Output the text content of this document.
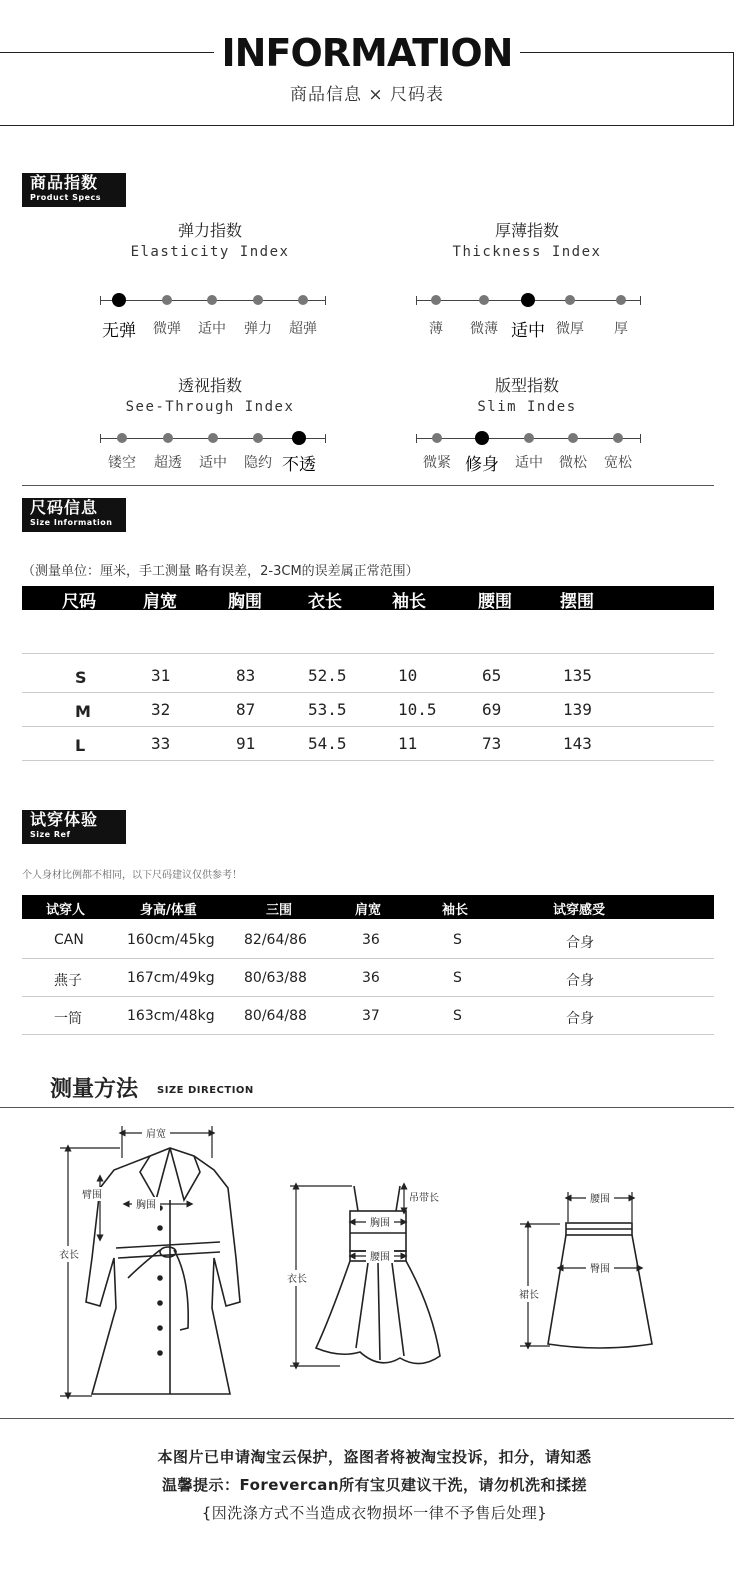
INFORMATION
商品信息 × 尺码表
商品指数
Product Specs
弹力指数
Elasticity Index
无弹	微弹	适中	弹力	超弹
厚薄指数
Thickness Index
薄	微薄 适中 微厚	厚
透视指数
See-Through Index
镂空	超透	适中	隐约 不透
版型指数
Slim Indes
微紧 修身	适中	微松	宽松
尺码信息
Size Information
（测量单位：厘米，手工测量 略有误差，2-3CM的误差属正常范围）
尺码	肩宽	胸围	衣长	袖长	腰围	摆围
S	31	83	52.5	10	65	135
M	32	87	53.5	10.5	69	139
L	33	91	54.5	11	73	143
试穿体验
Size Ref
个人身材比例都不相同，以下尺码建议仅供参考！
试穿人	身高/体重	三围	肩宽	袖长	试穿感受
CAN	160cm/45kg 82/64/86	36	S	合身
燕子	167cm/49kg 80/63/88	36	S	合身
一筒	163cm/48kg 80/64/88	37	S	合身
测量方法 SIZE DIRECTION
肩宽
臂围
胸围
衣长
吊带长
胸围
腰围
衣长
腰围
臀围
裙长
本图片已申请淘宝云保护，盗图者将被淘宝投诉，扣分，请知悉
温馨提示：Forevercan所有宝贝建议干洗，请勿机洗和揉搓
{因洗涤方式不当造成衣物损坏一律不予售后处理}
